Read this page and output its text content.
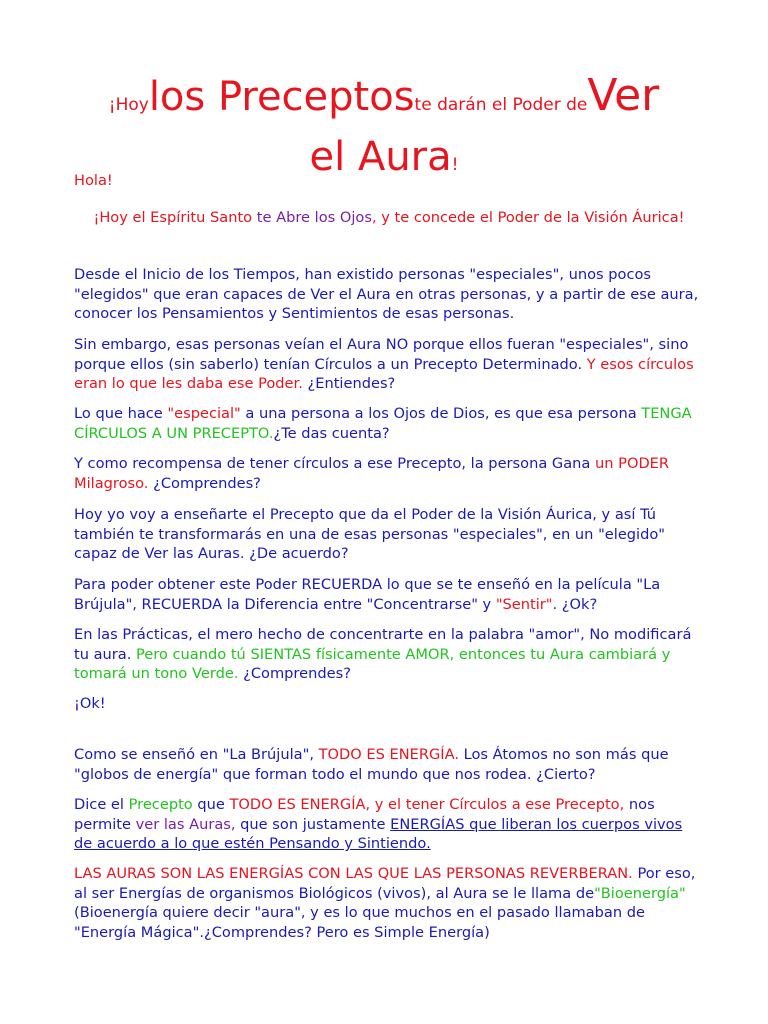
¡Hoylos Preceptoste darán el Poder deVer
el Aura!

Hola!

¡Hoy el Espíritu Santo te Abre los Ojos, y te concede el Poder de la Visión Áurica!

Desde el Inicio de los Tiempos, han existido personas "especiales", unos pocos "elegidos" que eran capaces de Ver el Aura en otras personas, y a partir de ese aura, conocer los Pensamientos y Sentimientos de esas personas.

Sin embargo, esas personas veían el Aura NO porque ellos fueran "especiales", sino porque ellos (sin saberlo) tenían Círculos a un Precepto Determinado. Y esos círculos eran lo que les daba ese Poder. ¿Entiendes?

Lo que hace "especial" a una persona a los Ojos de Dios, es que esa persona TENGA CÍRCULOS A UN PRECEPTO.¿Te das cuenta?

Y como recompensa de tener círculos a ese Precepto, la persona Gana un PODER Milagroso. ¿Comprendes?

Hoy yo voy a enseñarte el Precepto que da el Poder de la Visión Áurica, y así Tú también te transformarás en una de esas personas "especiales", en un "elegido" capaz de Ver las Auras. ¿De acuerdo?

Para poder obtener este Poder RECUERDA lo que se te enseñó en la película "La Brújula", RECUERDA la Diferencia entre "Concentrarse" y "Sentir". ¿Ok?

En las Prácticas, el mero hecho de concentrarte en la palabra "amor", No modificará tu aura. Pero cuando tú SIENTAS físicamente AMOR, entonces tu Aura cambiará y tomará un tono Verde. ¿Comprendes?

¡Ok!

Como se enseñó en "La Brújula", TODO ES ENERGÍA. Los Átomos no son más que "globos de energía" que forman todo el mundo que nos rodea. ¿Cierto?

Dice el Precepto que TODO ES ENERGÍA, y el tener Círculos a ese Precepto, nos permite ver las Auras, que son justamente ENERGÍAS que liberan los cuerpos vivos de acuerdo a lo que estén Pensando y Sintiendo.

LAS AURAS SON LAS ENERGÍAS CON LAS QUE LAS PERSONAS REVERBERAN. Por eso, al ser Energías de organismos Biológicos (vivos), al Aura se le llama de"Bioenergía" (Bioenergía quiere decir "aura", y es lo que muchos en el pasado llamaban de "Energía Mágica".¿Comprendes? Pero es Simple Energía)
